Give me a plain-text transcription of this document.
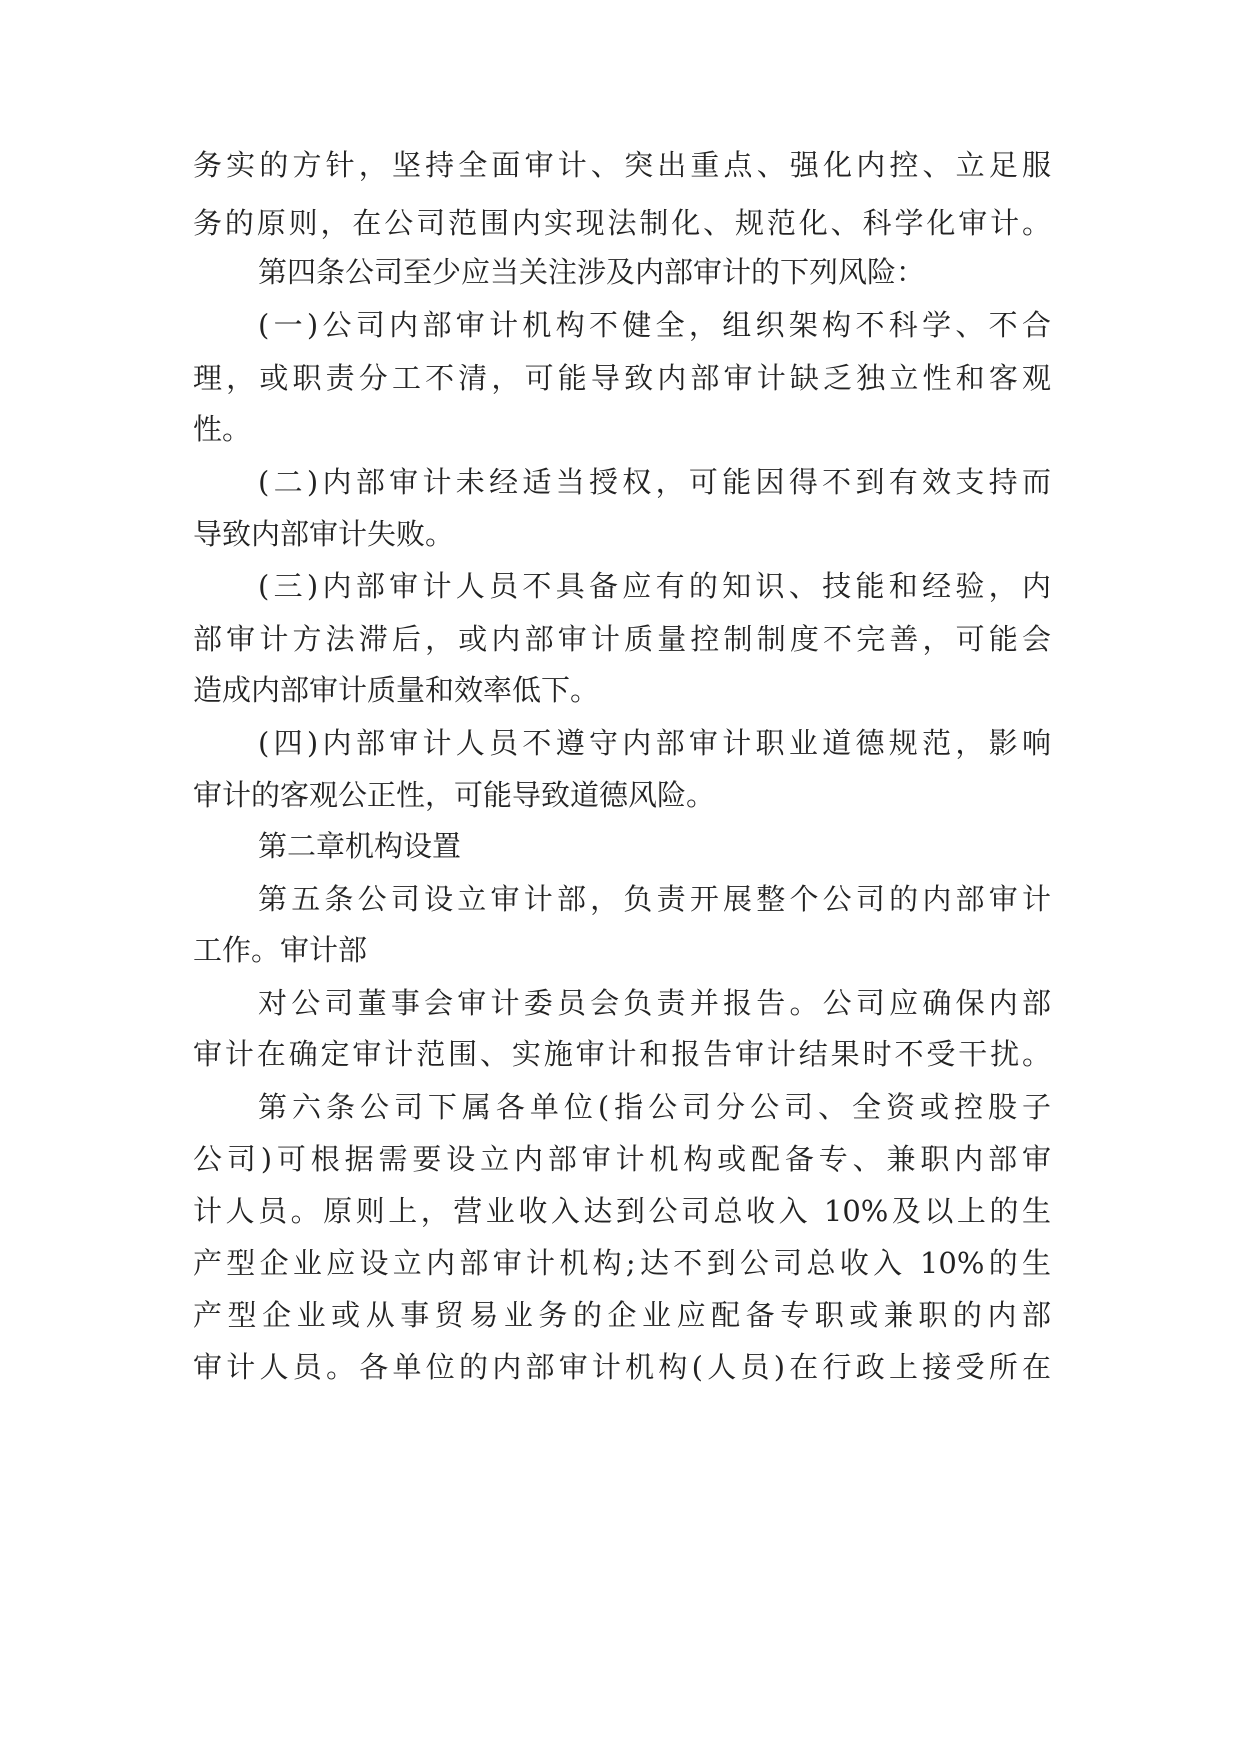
务实的方针，坚持全面审计、突出重点、强化内控、立足服
务的原则，在公司范围内实现法制化、规范化、科学化审计。
第四条公司至少应当关注涉及内部审计的下列风险：
(一)公司内部审计机构不健全，组织架构不科学、不合
理，或职责分工不清，可能导致内部审计缺乏独立性和客观
性。
(二)内部审计未经适当授权，可能因得不到有效支持而
导致内部审计失败。
(三)内部审计人员不具备应有的知识、技能和经验，内
部审计方法滞后，或内部审计质量控制制度不完善，可能会
造成内部审计质量和效率低下。
(四)内部审计人员不遵守内部审计职业道德规范，影响
审计的客观公正性，可能导致道德风险。
第二章机构设置
第五条公司设立审计部，负责开展整个公司的内部审计
工作。审计部
对公司董事会审计委员会负责并报告。公司应确保内部
审计在确定审计范围、实施审计和报告审计结果时不受干扰。
第六条公司下属各单位(指公司分公司、全资或控股子
公司)可根据需要设立内部审计机构或配备专、兼职内部审
计人员。原则上，营业收入达到公司总收入 10%及以上的生
产型企业应设立内部审计机构;达不到公司总收入 10%的生
产型企业或从事贸易业务的企业应配备专职或兼职的内部
审计人员。各单位的内部审计机构(人员)在行政上接受所在
